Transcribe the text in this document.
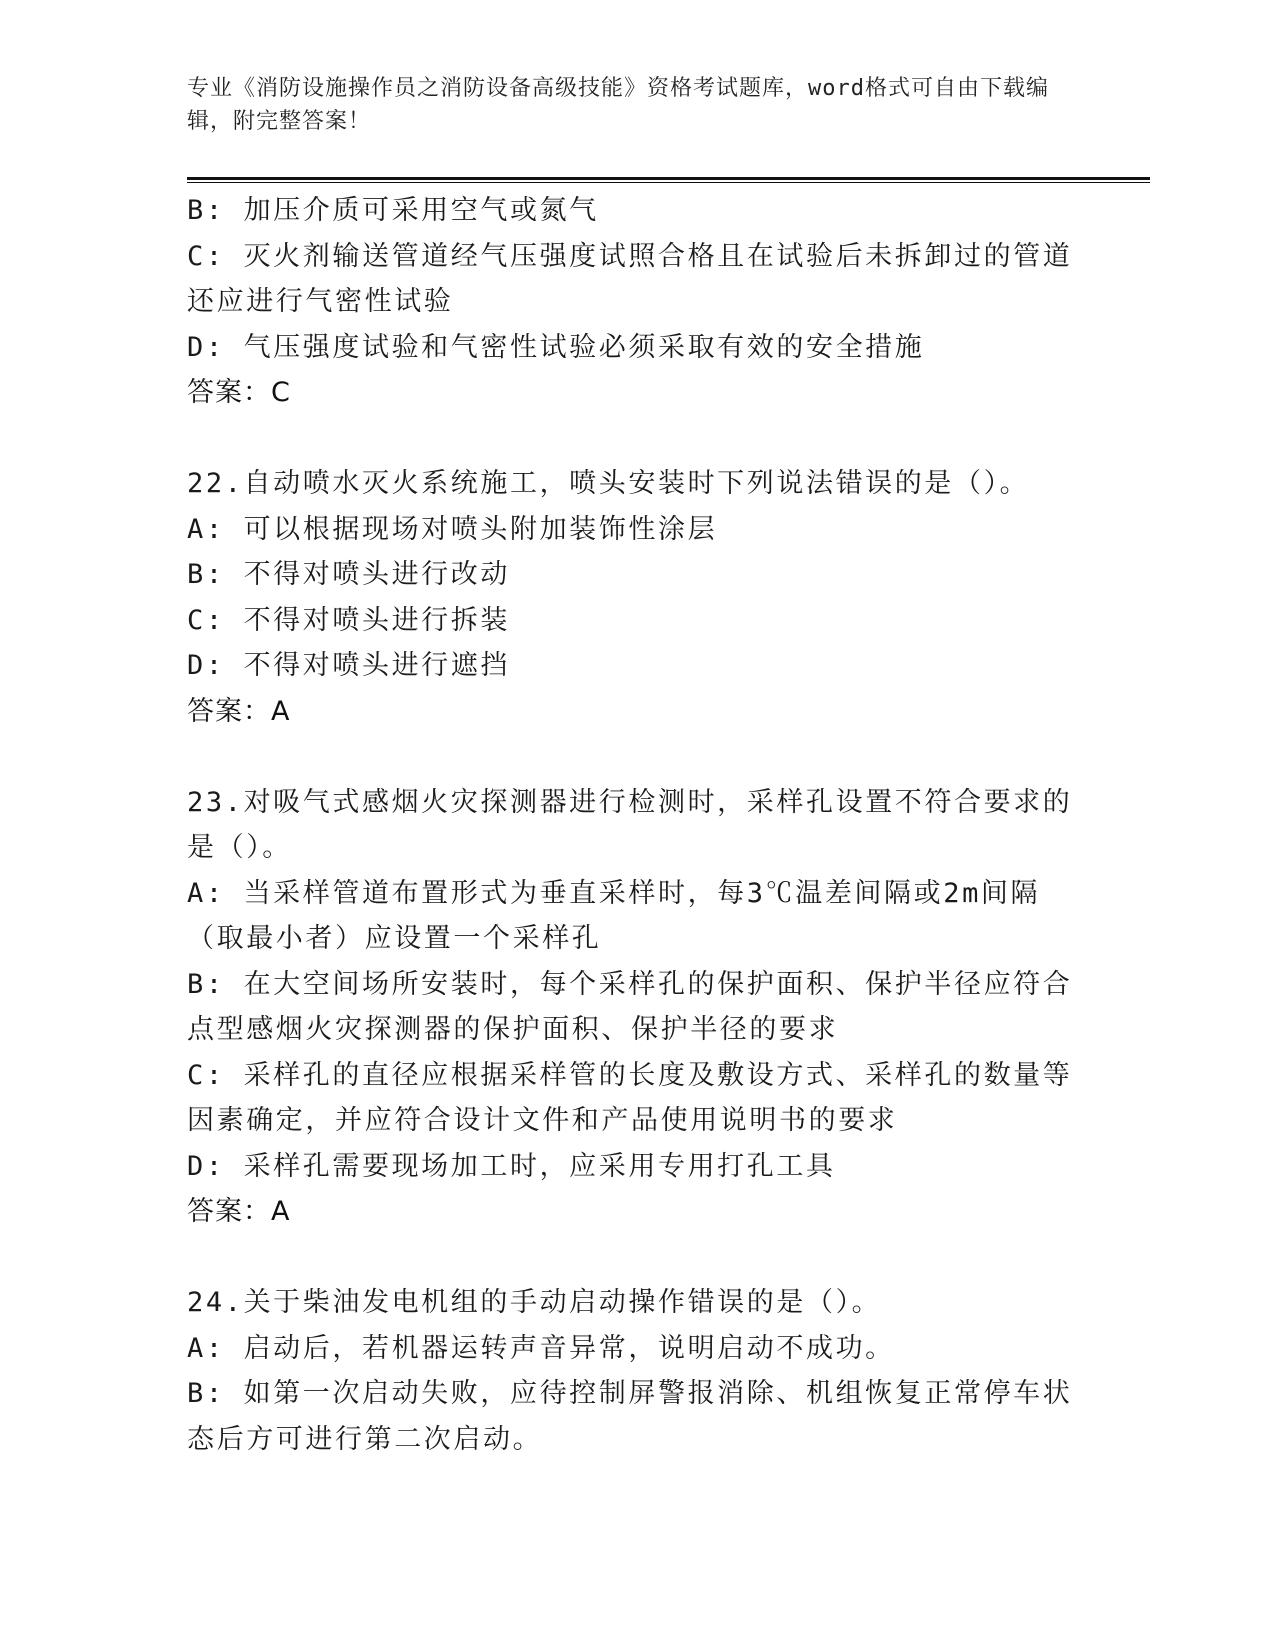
专业《消防设施操作员之消防设备高级技能》资格考试题库，word格式可自由下载编辑，附完整答案！

B: 加压介质可采用空气或氮气

C: 灭火剂输送管道经气压强度试照合格且在试验后未拆卸过的管道还应进行气密性试验

D: 气压强度试验和气密性试验必须采取有效的安全措施

答案：C

22.自动喷水灭火系统施工，喷头安装时下列说法错误的是（）。

A: 可以根据现场对喷头附加装饰性涂层

B: 不得对喷头进行改动

C: 不得对喷头进行拆装

D: 不得对喷头进行遮挡

答案：A

23.对吸气式感烟火灾探测器进行检测时，采样孔设置不符合要求的是（）。

A: 当采样管道布置形式为垂直采样时，每3℃温差间隔或2m间隔（取最小者）应设置一个采样孔

B: 在大空间场所安装时，每个采样孔的保护面积、保护半径应符合点型感烟火灾探测器的保护面积、保护半径的要求

C: 采样孔的直径应根据采样管的长度及敷设方式、采样孔的数量等因素确定，并应符合设计文件和产品使用说明书的要求

D: 采样孔需要现场加工时，应采用专用打孔工具

答案：A

24.关于柴油发电机组的手动启动操作错误的是（）。

A: 启动后，若机器运转声音异常，说明启动不成功。

B: 如第一次启动失败，应待控制屏警报消除、机组恢复正常停车状态后方可进行第二次启动。
